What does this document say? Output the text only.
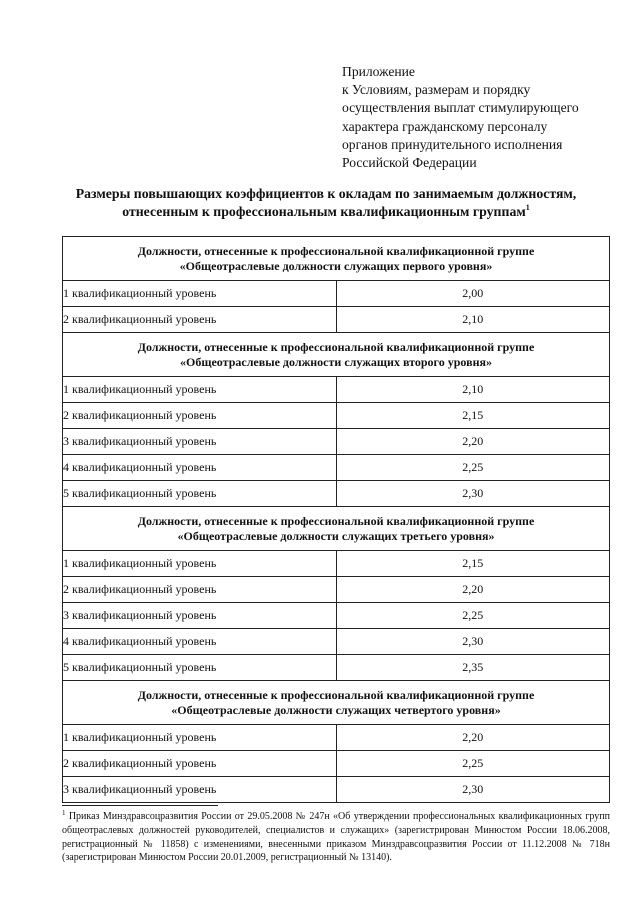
Приложение
к Условиям, размерам и порядку
осуществления выплат стимулирующего
характера гражданскому персоналу
органов принудительного исполнения
Российской Федерации
Размеры повышающих коэффициентов к окладам по занимаемым должностям,
отнесенным к профессиональным квалификационным группам$^1$
Должности, отнесенные к профессиональной квалификационной группе
«Общеотраслевые должности служащих первого уровня»	

1 квалификационный уровень	2,00
2 квалификационный уровень	2,10

Должности, отнесенные к профессиональной квалификационной группе
«Общеотраслевые должности служащих второго уровня»	

1 квалификационный уровень	2,10
2 квалификационный уровень	2,15
3 квалификационный уровень	2,20
4 квалификационный уровень	2,25
5 квалификационный уровень	2,30

Должности, отнесенные к профессиональной квалификационной группе
«Общеотраслевые должности служащих третьего уровня»	

1 квалификационный уровень	2,15
2 квалификационный уровень	2,20
3 квалификационный уровень	2,25
4 квалификационный уровень	2,30
5 квалификационный уровень	2,35

Должности, отнесенные к профессиональной квалификационной группе
«Общеотраслевые должности служащих четвертого уровня»	

1 квалификационный уровень	2,20
2 квалификационный уровень	2,25
3 квалификационный уровень	2,30
$^1$ Приказ Минздравсоцразвития России от 29.05.2008 № 247н «Об утверждении профессиональных квалификационных групп общеотраслевых должностей руководителей, специалистов и служащих» (зарегистрирован Минюстом России 18.06.2008, регистрационный № 11858) с изменениями, внесенными приказом Минздравсоцразвития России от 11.12.2008 № 718н (зарегистрирован Минюстом России 20.01.2009, регистрационный № 13140).
